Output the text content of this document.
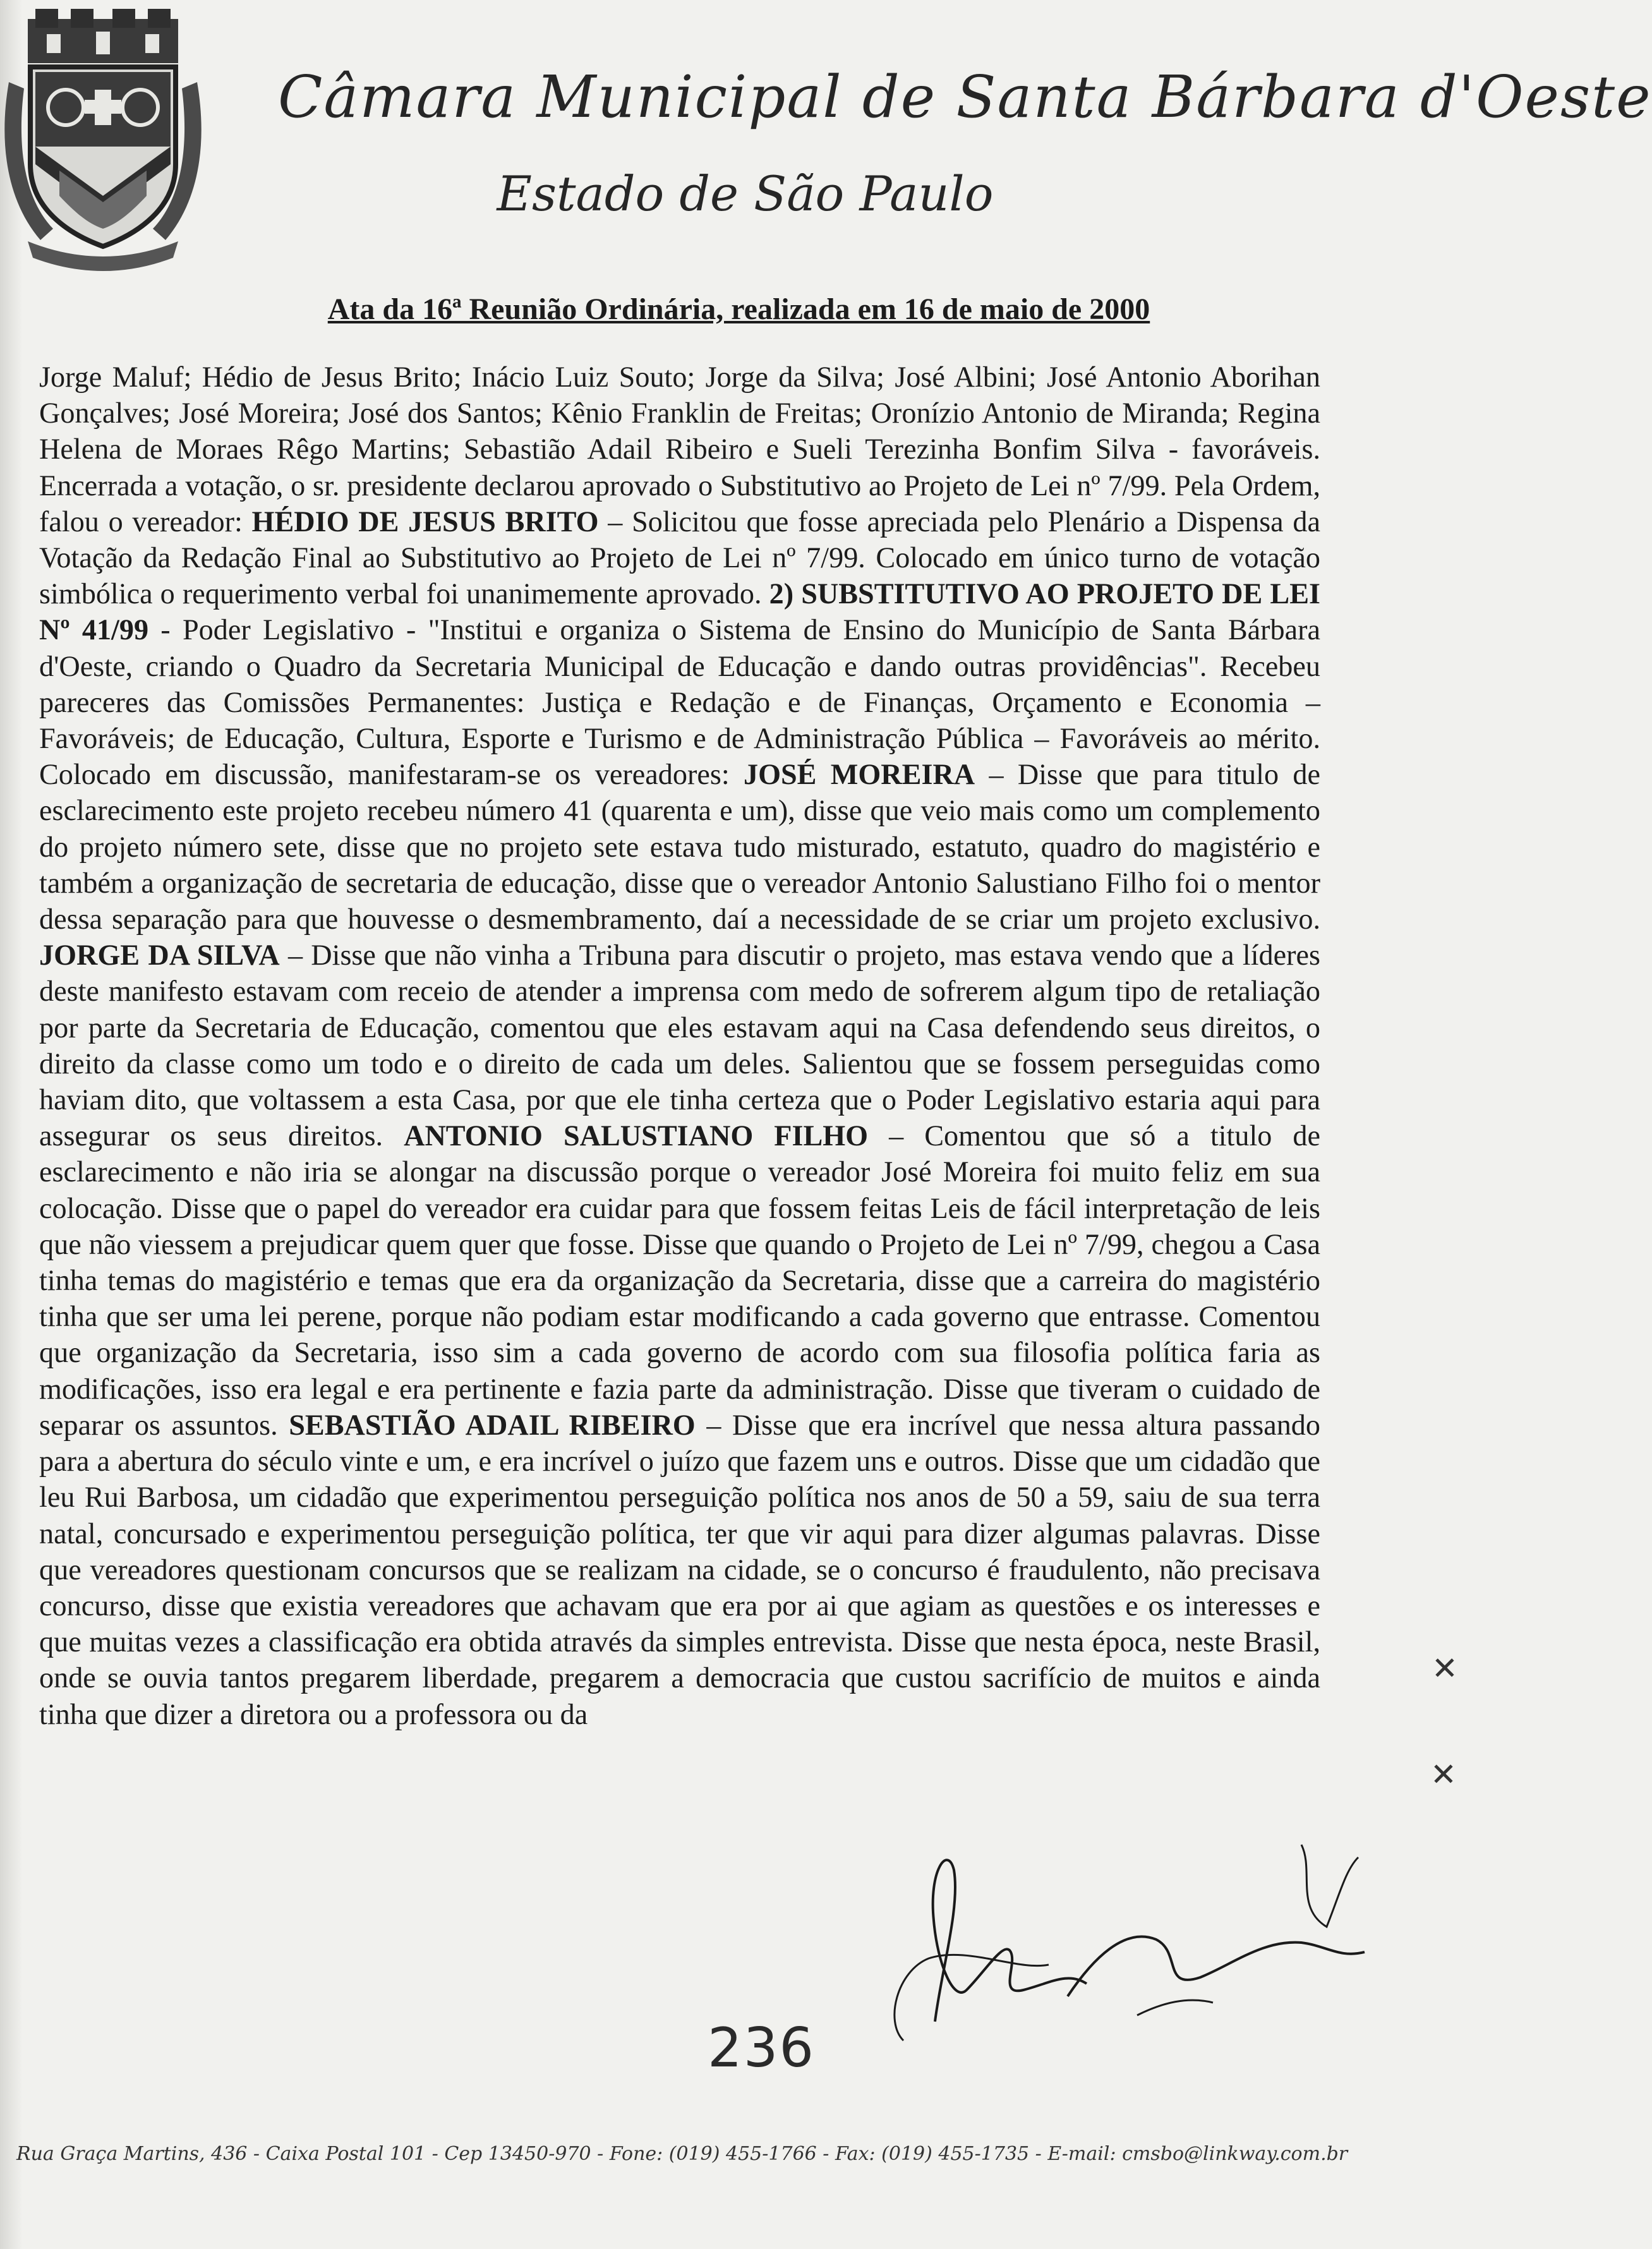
Câmara Municipal de Santa Bárbara d'Oeste
Estado de São Paulo
Ata da 16ª Reunião Ordinária, realizada em 16 de maio de 2000
Jorge Maluf; Hédio de Jesus Brito; Inácio Luiz Souto; Jorge da Silva; José Albini; José Antonio Aborihan Gonçalves; José Moreira; José dos Santos; Kênio Franklin de Freitas; Oronízio Antonio de Miranda; Regina Helena de Moraes Rêgo Martins; Sebastião Adail Ribeiro e Sueli Terezinha Bonfim Silva - favoráveis. Encerrada a votação, o sr. presidente declarou aprovado o Substitutivo ao Projeto de Lei nº 7/99. Pela Ordem, falou o vereador: HÉDIO DE JESUS BRITO – Solicitou que fosse apreciada pelo Plenário a Dispensa da Votação da Redação Final ao Substitutivo ao Projeto de Lei nº 7/99. Colocado em único turno de votação simbólica o requerimento verbal foi unanimemente aprovado. 2) SUBSTITUTIVO AO PROJETO DE LEI Nº 41/99 - Poder Legislativo - "Institui e organiza o Sistema de Ensino do Município de Santa Bárbara d'Oeste, criando o Quadro da Secretaria Municipal de Educação e dando outras providências". Recebeu pareceres das Comissões Permanentes: Justiça e Redação e de Finanças, Orçamento e Economia – Favoráveis; de Educação, Cultura, Esporte e Turismo e de Administração Pública – Favoráveis ao mérito. Colocado em discussão, manifestaram-se os vereadores: JOSÉ MOREIRA – Disse que para titulo de esclarecimento este projeto recebeu número 41 (quarenta e um), disse que veio mais como um complemento do projeto número sete, disse que no projeto sete estava tudo misturado, estatuto, quadro do magistério e também a organização de secretaria de educação, disse que o vereador Antonio Salustiano Filho foi o mentor dessa separação para que houvesse o desmembramento, daí a necessidade de se criar um projeto exclusivo. JORGE DA SILVA – Disse que não vinha a Tribuna para discutir o projeto, mas estava vendo que a líderes deste manifesto estavam com receio de atender a imprensa com medo de sofrerem algum tipo de retaliação por parte da Secretaria de Educação, comentou que eles estavam aqui na Casa defendendo seus direitos, o direito da classe como um todo e o direito de cada um deles. Salientou que se fossem perseguidas como haviam dito, que voltassem a esta Casa, por que ele tinha certeza que o Poder Legislativo estaria aqui para assegurar os seus direitos. ANTONIO SALUSTIANO FILHO – Comentou que só a titulo de esclarecimento e não iria se alongar na discussão porque o vereador José Moreira foi muito feliz em sua colocação. Disse que o papel do vereador era cuidar para que fossem feitas Leis de fácil interpretação de leis que não viessem a prejudicar quem quer que fosse. Disse que quando o Projeto de Lei nº 7/99, chegou a Casa tinha temas do magistério e temas que era da organização da Secretaria, disse que a carreira do magistério tinha que ser uma lei perene, porque não podiam estar modificando a cada governo que entrasse. Comentou que organização da Secretaria, isso sim a cada governo de acordo com sua filosofia política faria as modificações, isso era legal e era pertinente e fazia parte da administração. Disse que tiveram o cuidado de separar os assuntos. SEBASTIÃO ADAIL RIBEIRO – Disse que era incrível que nessa altura passando para a abertura do século vinte e um, e era incrível o juízo que fazem uns e outros. Disse que um cidadão que leu Rui Barbosa, um cidadão que experimentou perseguição política nos anos de 50 a 59, saiu de sua terra natal, concursado e experimentou perseguição política, ter que vir aqui para dizer algumas palavras. Disse que vereadores questionam concursos que se realizam na cidade, se o concurso é fraudulento, não precisava concurso, disse que existia vereadores que achavam que era por ai que agiam as questões e os interesses e que muitas vezes a classificação era obtida através da simples entrevista. Disse que nesta época, neste Brasil, onde se ouvia tantos pregarem liberdade, pregarem a democracia que custou sacrifício de muitos e ainda tinha que dizer a diretora ou a professora ou da
✕
✕
236
Rua Graça Martins, 436 - Caixa Postal 101 - Cep 13450-970 - Fone: (019) 455-1766 - Fax: (019) 455-1735 - E-mail: cmsbo@linkway.com.br
